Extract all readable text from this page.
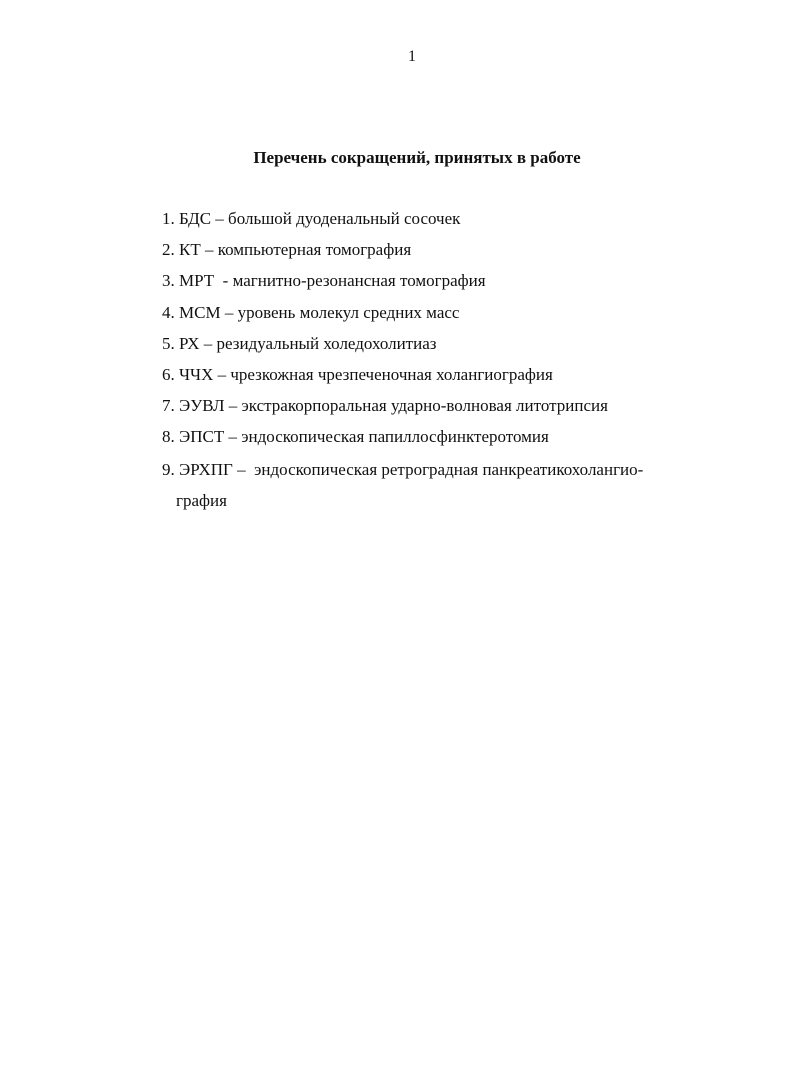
1
Перечень сокращений, принятых в работе
1. БДС – большой дуоденальный сосочек
2. КТ – компьютерная томография
3. МРТ  - магнитно-резонансная томография
4. МСМ – уровень молекул средних масс
5. РХ – резидуальный холедохолитиаз
6. ЧЧХ – чрезкожная чрезпеченочная холангиография
7. ЭУВЛ – экстракорпоральная ударно-волновая литотрипсия
8. ЭПСТ – эндоскопическая папиллосфинктеротомия
9. ЭРХПГ –  эндоскопическая ретроградная панкреатикохолангио-
графия
